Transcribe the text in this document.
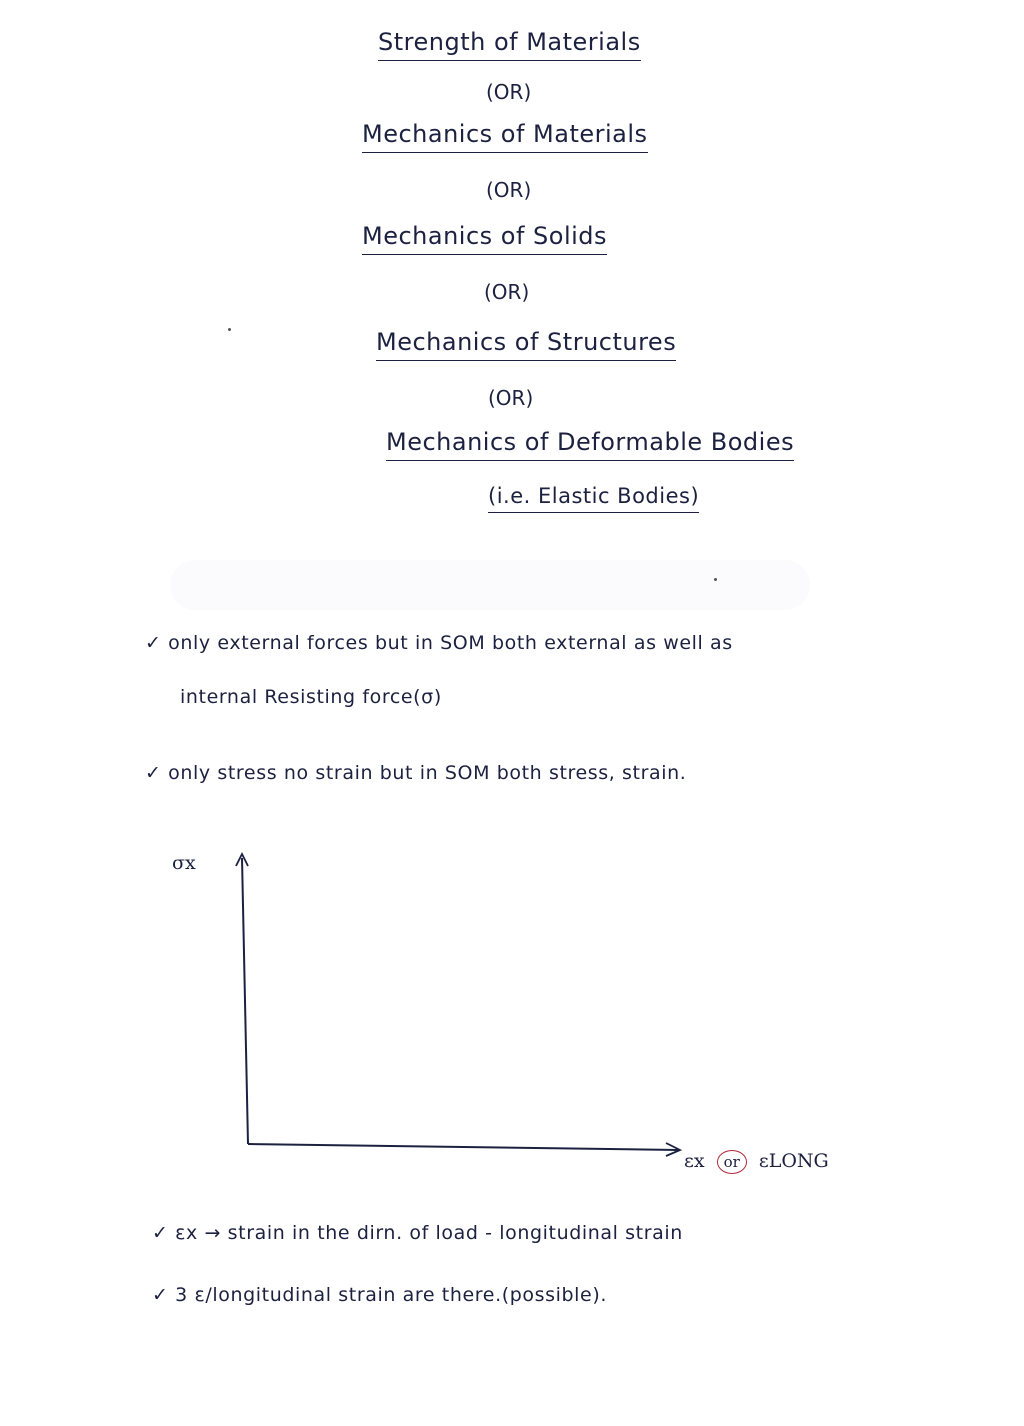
Strength of Materials
(OR)
Mechanics of Materials
(OR)
Mechanics of Solids
(OR)
Mechanics of Structures
(OR)
Mechanics of Deformable Bodies
(i.e. Elastic Bodies)
✓ only external forces but in SOM both external as well as
internal Resisting force(σ)
✓ only stress no strain but in SOM both stress, strain.
σx
εx or εLONG
✓ εx → strain in the dirn. of load - longitudinal strain
✓ 3 ε/longitudinal strain are there.(possible).
